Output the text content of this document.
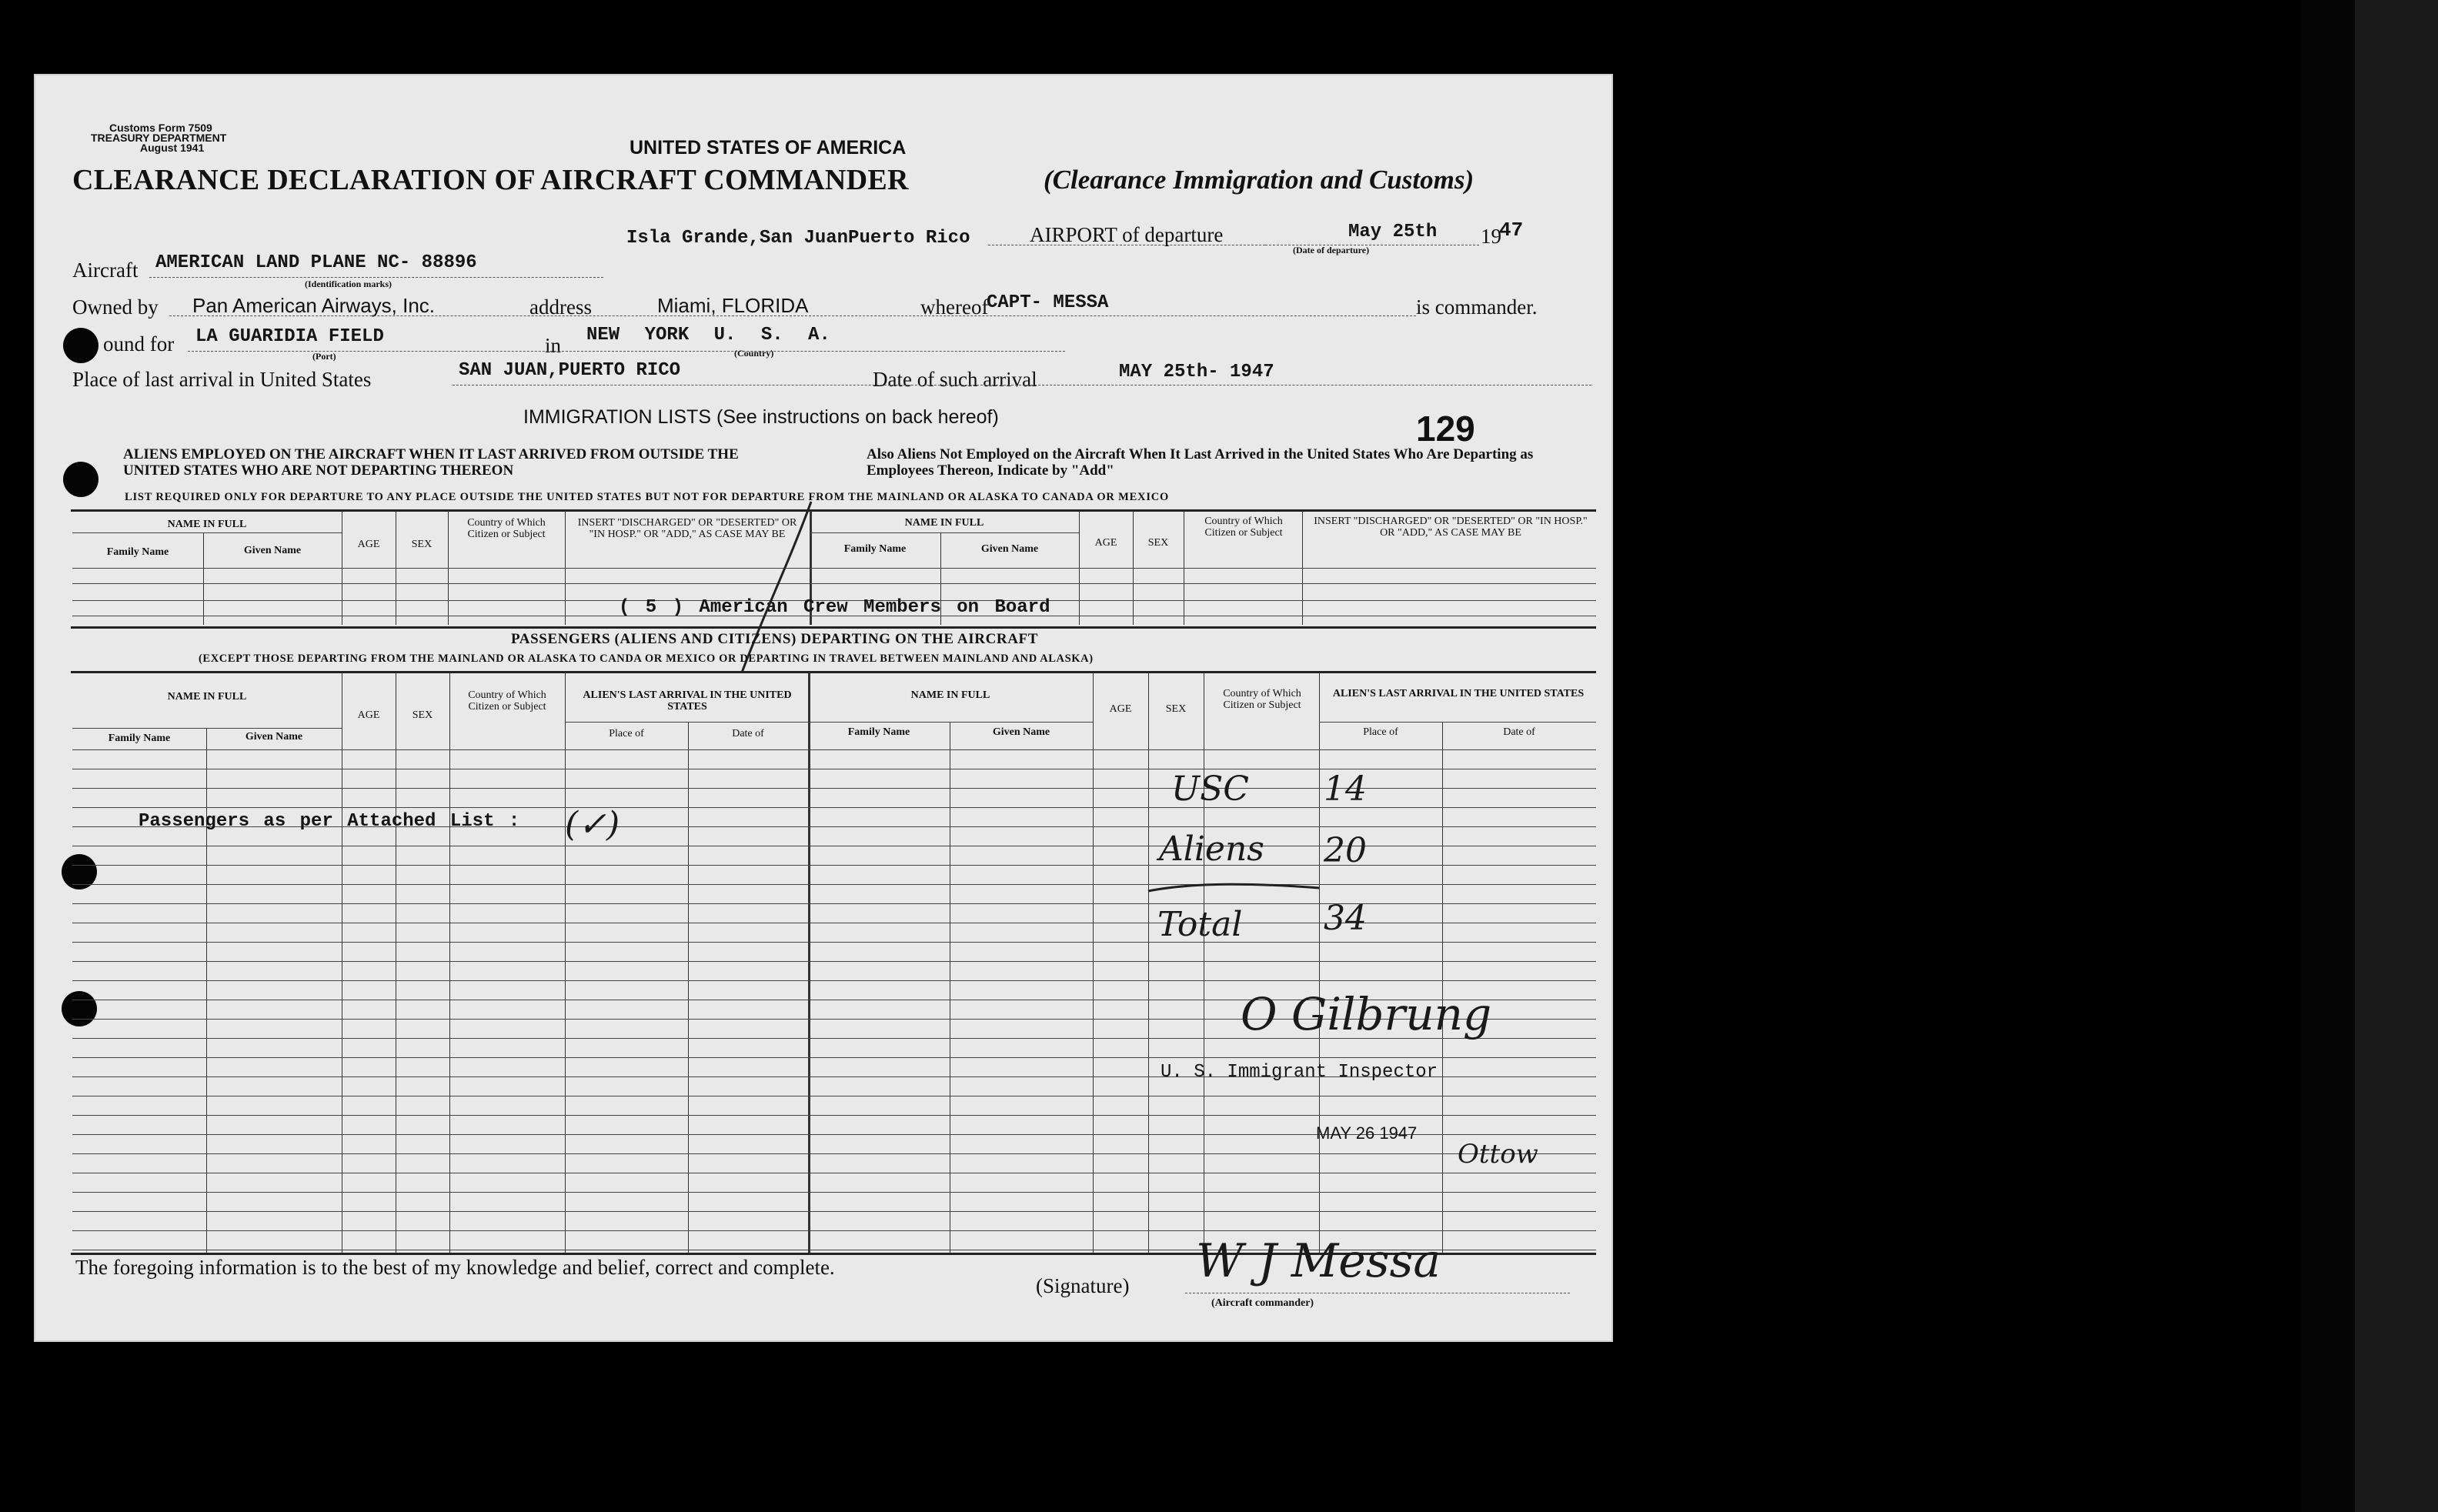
Customs Form 7509
TREASURY DEPARTMENT
August 1941	UNITED STATES OF AMERICA
CLEARANCE DECLARATION OF AIRCRAFT COMMANDER	(Clearance Immigration and Customs)
Isla Grande,San JuanPuerto Rico	AIRPORT of departure	May 25th 19
47
(Date of departure)
Aircraft AMERICAN LAND PLANE NC- 88896
(Identification marks)
Owned by Pan American Airways, Inc.	address	Miami, FLORIDA	whereof
CAPT- MESSA	is commander.
ound for LA GUARIDIA FIELD	in NEW YORK U. S. A.
(Port)	(Country)
Place of last arrival in United States	SAN JUAN,PUERTO RICO	Date of such arrival	MAY 25th- 1947
IMMIGRATION LISTS (See instructions on back hereof)	129
ALIENS EMPLOYED ON THE AIRCRAFT WHEN IT LAST ARRIVED FROM OUTSIDE THE UNITED STATES WHO ARE NOT DEPARTING THEREON
Also Aliens Not Employed on the Aircraft When It Last Arrived in the United States Who Are Departing as Employees Thereon, Indicate by "Add"
LIST REQUIRED ONLY FOR DEPARTURE TO ANY PLACE OUTSIDE THE UNITED STATES BUT NOT FOR DEPARTURE FROM THE MAINLAND OR ALASKA TO CANADA OR MEXICO
NAME IN FULL
Family Name	Given Name
AGE	SEX
Country of Which Citizen or Subject
INSERT "DISCHARGED" OR "DESERTED" OR "IN HOSP." OR "ADD," AS CASE MAY BE
NAME IN FULL
Family Name	Given Name
AGE	SEX
Country of Which Citizen or Subject
INSERT "DISCHARGED" OR "DESERTED" OR "IN HOSP." OR "ADD," AS CASE MAY BE
( 5 ) American Crew Members on Board
PASSENGERS (ALIENS AND CITIZENS) DEPARTING ON THE AIRCRAFT
(EXCEPT THOSE DEPARTING FROM THE MAINLAND OR ALASKA TO CANDA OR MEXICO OR DEPARTING IN TRAVEL BETWEEN MAINLAND AND ALASKA)
NAME IN FULL
Family Name	Given Name
AGE	SEX
Country of Which Citizen or Subject
ALIEN'S LAST ARRIVAL IN THE UNITED STATES
Place of	Date of
NAME IN FULL
Family Name	Given Name
AGE	SEX
Country of Which Citizen or Subject
ALIEN'S LAST ARRIVAL IN THE UNITED STATES
Place of	Date of
Passengers as per Attached List : (✓)
USC 14
Aliens 20
Total 34
O Gilbrung
U. S. Immigrant Inspector
MAY 26 1947
Ottow
The foregoing information is to the best of my knowledge and belief, correct and complete.
(Signature) W J Messa
(Aircraft commander)
